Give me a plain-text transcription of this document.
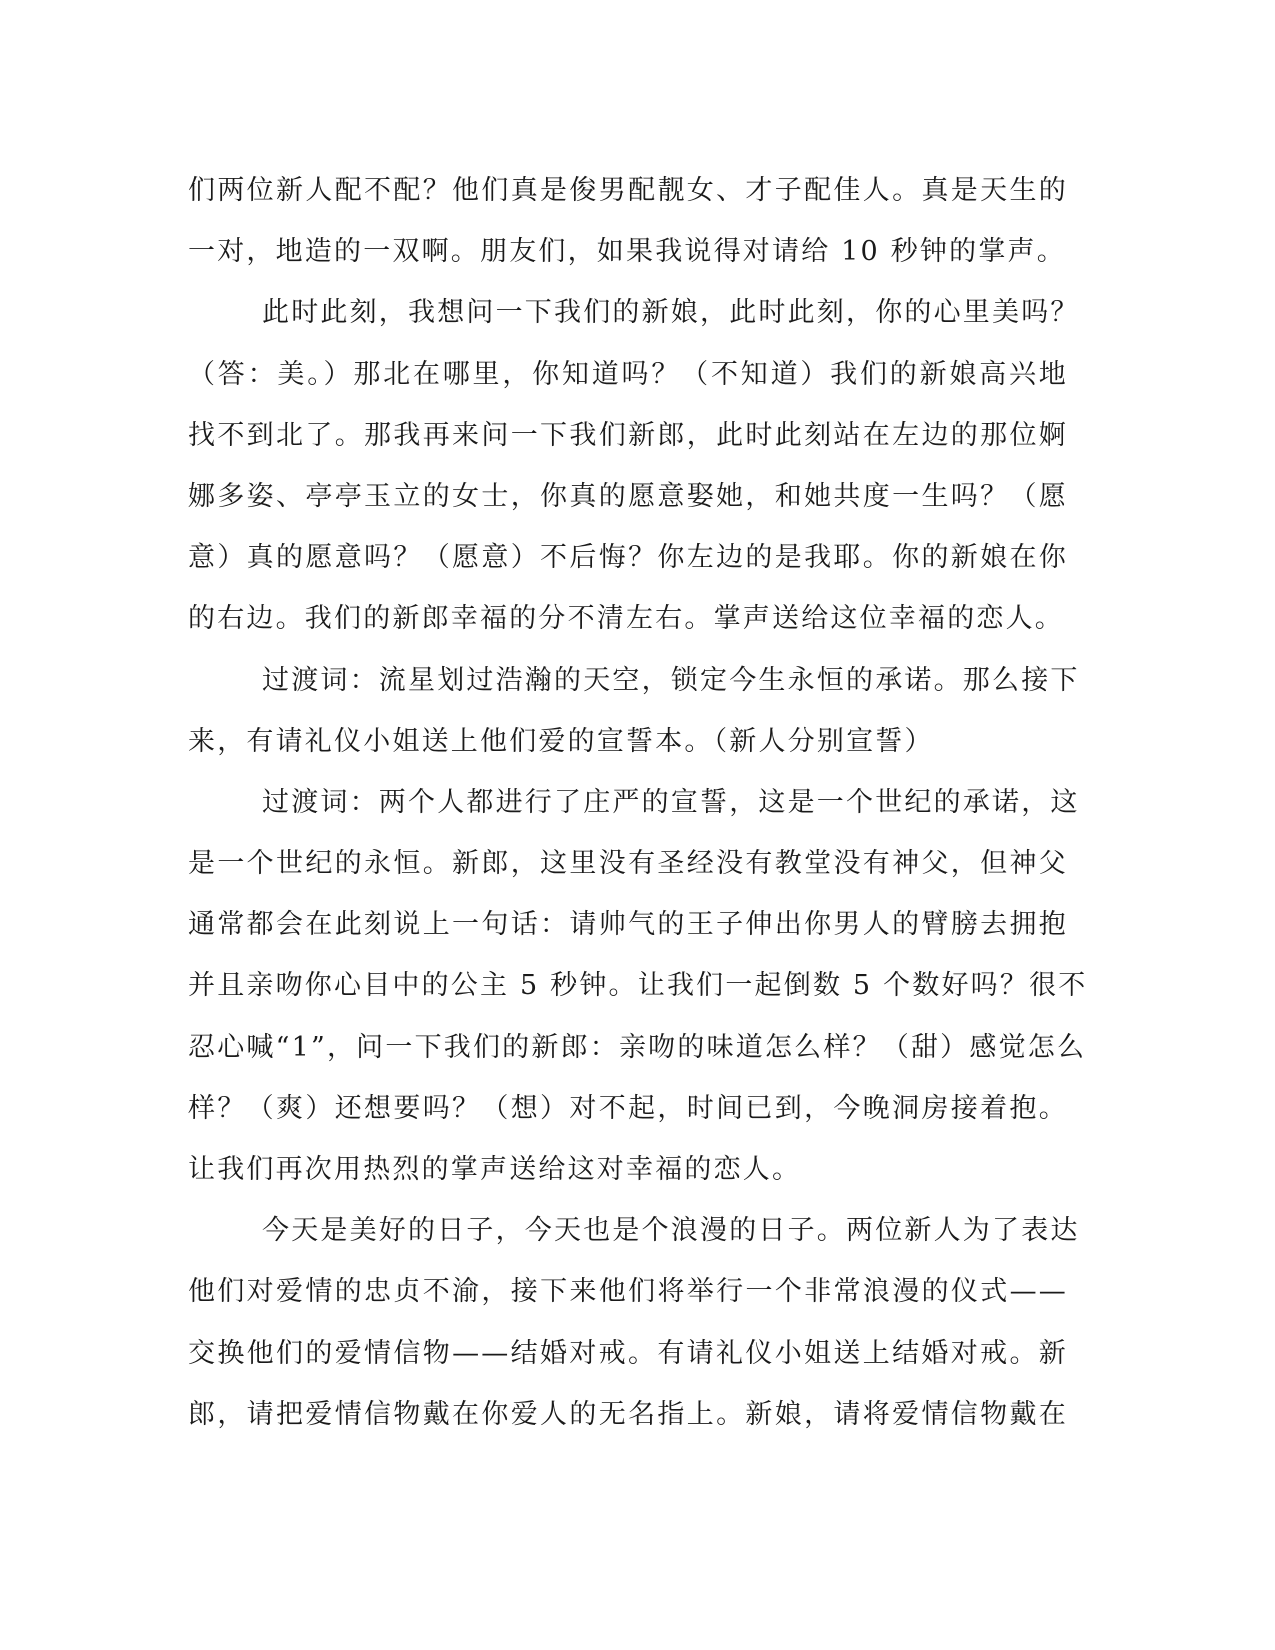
们两位新人配不配？他们真是俊男配靓女、才子配佳人。真是天生的
一对，地造的一双啊。朋友们，如果我说得对请给 10 秒钟的掌声。
此时此刻，我想问一下我们的新娘，此时此刻，你的心里美吗？
（答：美。）那北在哪里，你知道吗？（不知道）我们的新娘高兴地
找不到北了。那我再来问一下我们新郎，此时此刻站在左边的那位婀
娜多姿、亭亭玉立的女士，你真的愿意娶她，和她共度一生吗？（愿
意）真的愿意吗？（愿意）不后悔？你左边的是我耶。你的新娘在你
的右边。我们的新郎幸福的分不清左右。掌声送给这位幸福的恋人。
过渡词：流星划过浩瀚的天空，锁定今生永恒的承诺。那么接下
来，有请礼仪小姐送上他们爱的宣誓本。（新人分别宣誓）
过渡词：两个人都进行了庄严的宣誓，这是一个世纪的承诺，这
是一个世纪的永恒。新郎，这里没有圣经没有教堂没有神父，但神父
通常都会在此刻说上一句话：请帅气的王子伸出你男人的臂膀去拥抱
并且亲吻你心目中的公主 5 秒钟。让我们一起倒数 5 个数好吗？很不
忍心喊“1”，问一下我们的新郎：亲吻的味道怎么样？（甜）感觉怎么
样？（爽）还想要吗？（想）对不起，时间已到，今晚洞房接着抱。
让我们再次用热烈的掌声送给这对幸福的恋人。
今天是美好的日子，今天也是个浪漫的日子。两位新人为了表达
他们对爱情的忠贞不渝，接下来他们将举行一个非常浪漫的仪式——
交换他们的爱情信物——结婚对戒。有请礼仪小姐送上结婚对戒。新
郎，请把爱情信物戴在你爱人的无名指上。新娘，请将爱情信物戴在
